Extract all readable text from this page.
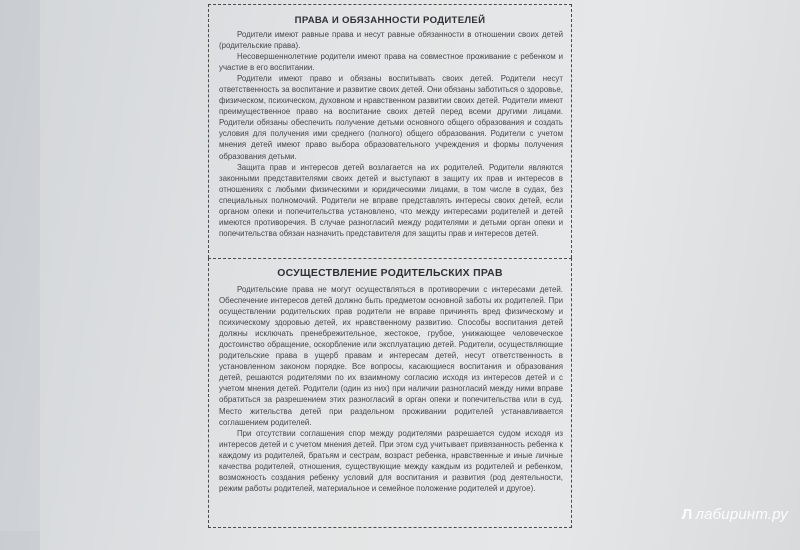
ПРАВА И ОБЯЗАННОСТИ РОДИТЕЛЕЙ

Родители имеют равные права и несут равные обязанности в отношении своих детей (родительские права).

Несовершеннолетние родители имеют права на совместное проживание с ребенком и участие в его воспитании.

Родители имеют право и обязаны воспитывать своих детей. Родители несут ответственность за воспитание и развитие своих детей. Они обязаны заботиться о здоровье, физическом, психическом, духовном и нравственном развитии своих детей. Родители имеют преимущественное право на воспитание своих детей перед всеми другими лицами. Родители обязаны обеспечить получение детьми основного общего образования и создать условия для получения ими среднего (полного) общего образования. Родители с учетом мнения детей имеют право выбора образовательного учреждения и формы получения образования детьми.

Защита прав и интересов детей возлагается на их родителей. Родители являются законными представителями своих детей и выступают в защиту их прав и интересов в отношениях с любыми физическими и юридическими лицами, в том числе в судах, без специальных полномочий. Родители не вправе представлять интересы своих детей, если органом опеки и попечительства установлено, что между интересами родителей и детей имеются противоречия. В случае разногласий между родителями и детьми орган опеки и попечительства обязан назначить представителя для защиты прав и интересов детей.

ОСУЩЕСТВЛЕНИЕ РОДИТЕЛЬСКИХ ПРАВ

Родительские права не могут осуществляться в противоречии с интересами детей. Обеспечение интересов детей должно быть предметом основной заботы их родителей. При осуществлении родительских прав родители не вправе причинять вред физическому и психическому здоровью детей, их нравственному развитию. Способы воспитания детей должны исключать пренебрежительное, жестокое, грубое, унижающее человеческое достоинство обращение, оскорбление или эксплуатацию детей. Родители, осуществляющие родительские права в ущерб правам и интересам детей, несут ответственность в установленном законом порядке. Все вопросы, касающиеся воспитания и образования детей, решаются родителями по их взаимному согласию исходя из интересов детей и с учетом мнения детей. Родители (один из них) при наличии разногласий между ними вправе обратиться за разрешением этих разногласий в орган опеки и попечительства или в суд. Место жительства детей при раздельном проживании родителей устанавливается соглашением родителей.

При отсутствии соглашения спор между родителями разрешается судом исходя из интересов детей и с учетом мнения детей. При этом суд учитывает привязанность ребенка к каждому из родителей, братьям и сестрам, возраст ребенка, нравственные и иные личные качества родителей, отношения, существующие между каждым из родителей и ребенком, возможность создания ребенку условий для воспитания и развития (род деятельности, режим работы родителей, материальное и семейное положение родителей и другое).

Л лабиринт.ру
